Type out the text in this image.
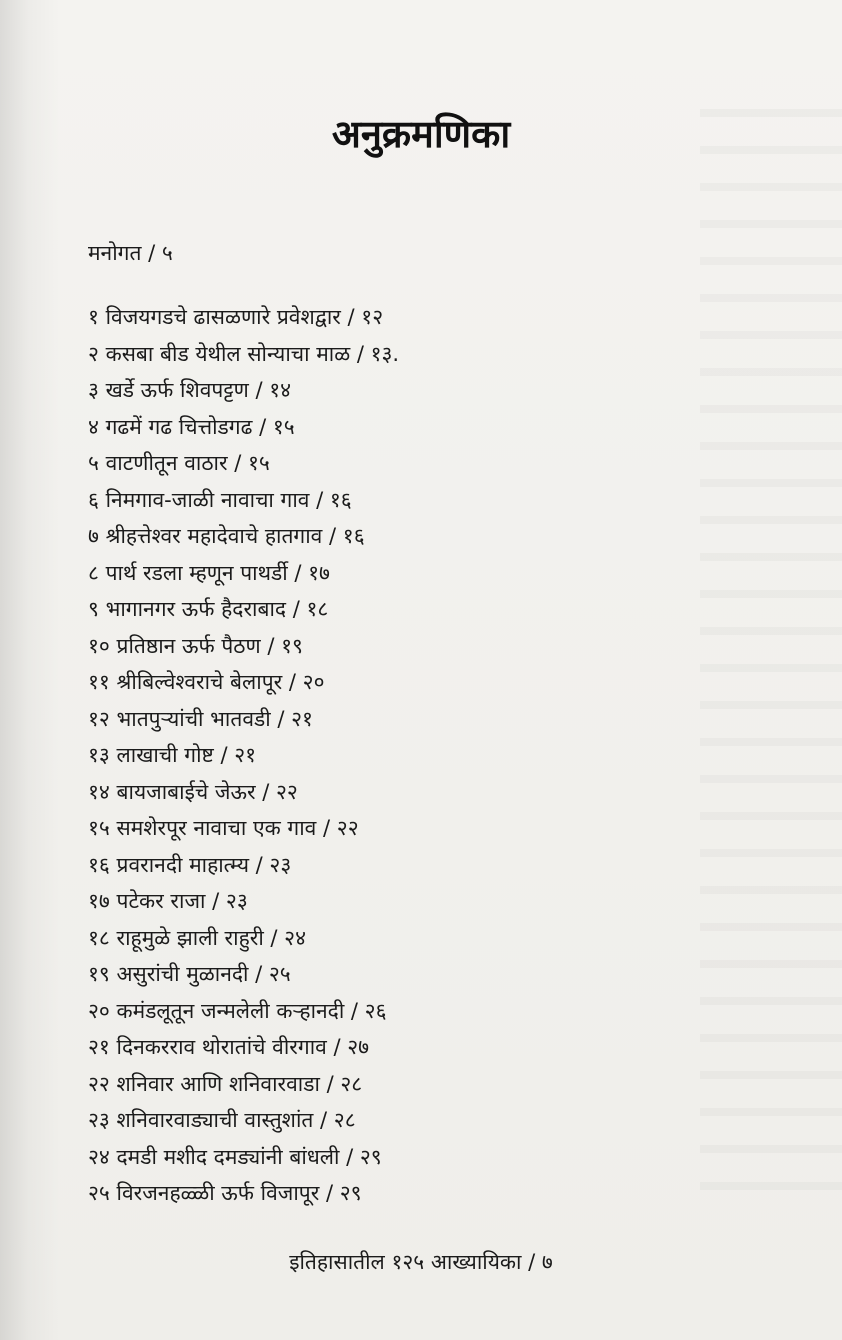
अनुक्रमणिका
मनोगत / ५
१ विजयगडचे ढासळणारे प्रवेशद्वार / १२
२ कसबा बीड येथील सोन्याचा माळ / १३.
३ खर्डे ऊर्फ शिवपट्टण / १४
४ गढमें गढ चित्तोडगढ / १५
५ वाटणीतून वाठार / १५
६ निमगाव-जाळी नावाचा गाव / १६
७ श्रीहत्तेश्वर महादेवाचे हातगाव / १६
८ पार्थ रडला म्हणून पाथर्डी / १७
९ भागानगर ऊर्फ हैदराबाद / १८
१० प्रतिष्ठान ऊर्फ पैठण / १९
११ श्रीबिल्वेश्वराचे बेलापूर / २०
१२ भातपुऱ्यांची भातवडी / २१
१३ लाखाची गोष्ट / २१
१४ बायजाबाईचे जेऊर / २२
१५ समशेरपूर नावाचा एक गाव / २२
१६ प्रवरानदी माहात्म्य / २३
१७ पटेकर राजा / २३
१८ राहूमुळे झाली राहुरी / २४
१९ असुरांची मुळानदी / २५
२० कमंडलूतून जन्मलेली कऱ्हानदी / २६
२१ दिनकरराव थोरातांचे वीरगाव / २७
२२ शनिवार आणि शनिवारवाडा / २८
२३ शनिवारवाड्याची वास्तुशांत / २८
२४ दमडी मशीद दमड्यांनी बांधली / २९
२५ विरजनहळ्ळी ऊर्फ विजापूर / २९
इतिहासातील १२५ आख्यायिका / ७
